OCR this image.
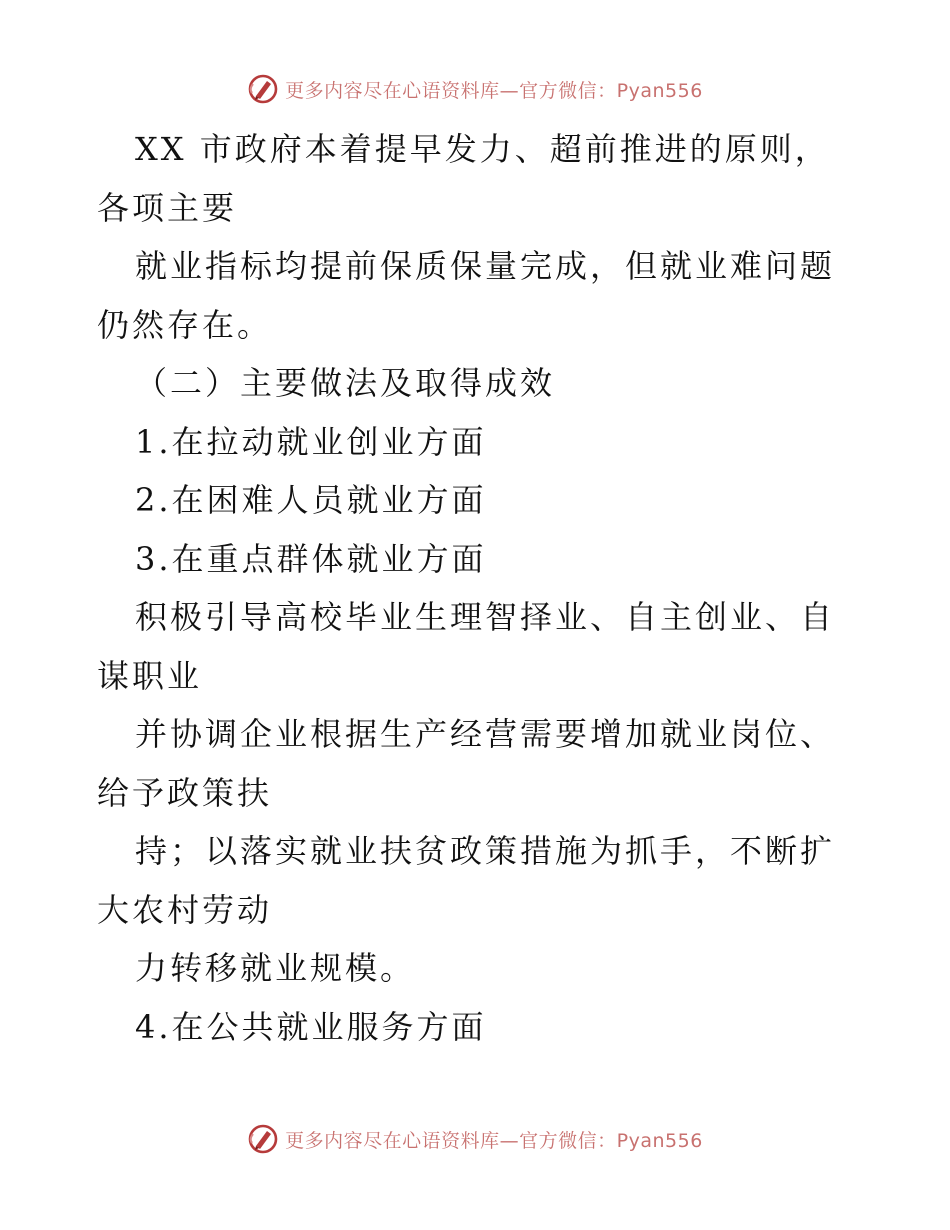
更多内容尽在心语资料库—官方微信：Pyan556

XX 市政府本着提早发力、超前推进的原则，各项主要

就业指标均提前保质保量完成，但就业难问题仍然存在。

（二）主要做法及取得成效

1.在拉动就业创业方面

2.在困难人员就业方面

3.在重点群体就业方面

积极引导高校毕业生理智择业、自主创业、自谋职业

并协调企业根据生产经营需要增加就业岗位、给予政策扶

持；以落实就业扶贫政策措施为抓手，不断扩大农村劳动

力转移就业规模。

4.在公共就业服务方面

更多内容尽在心语资料库—官方微信：Pyan556
